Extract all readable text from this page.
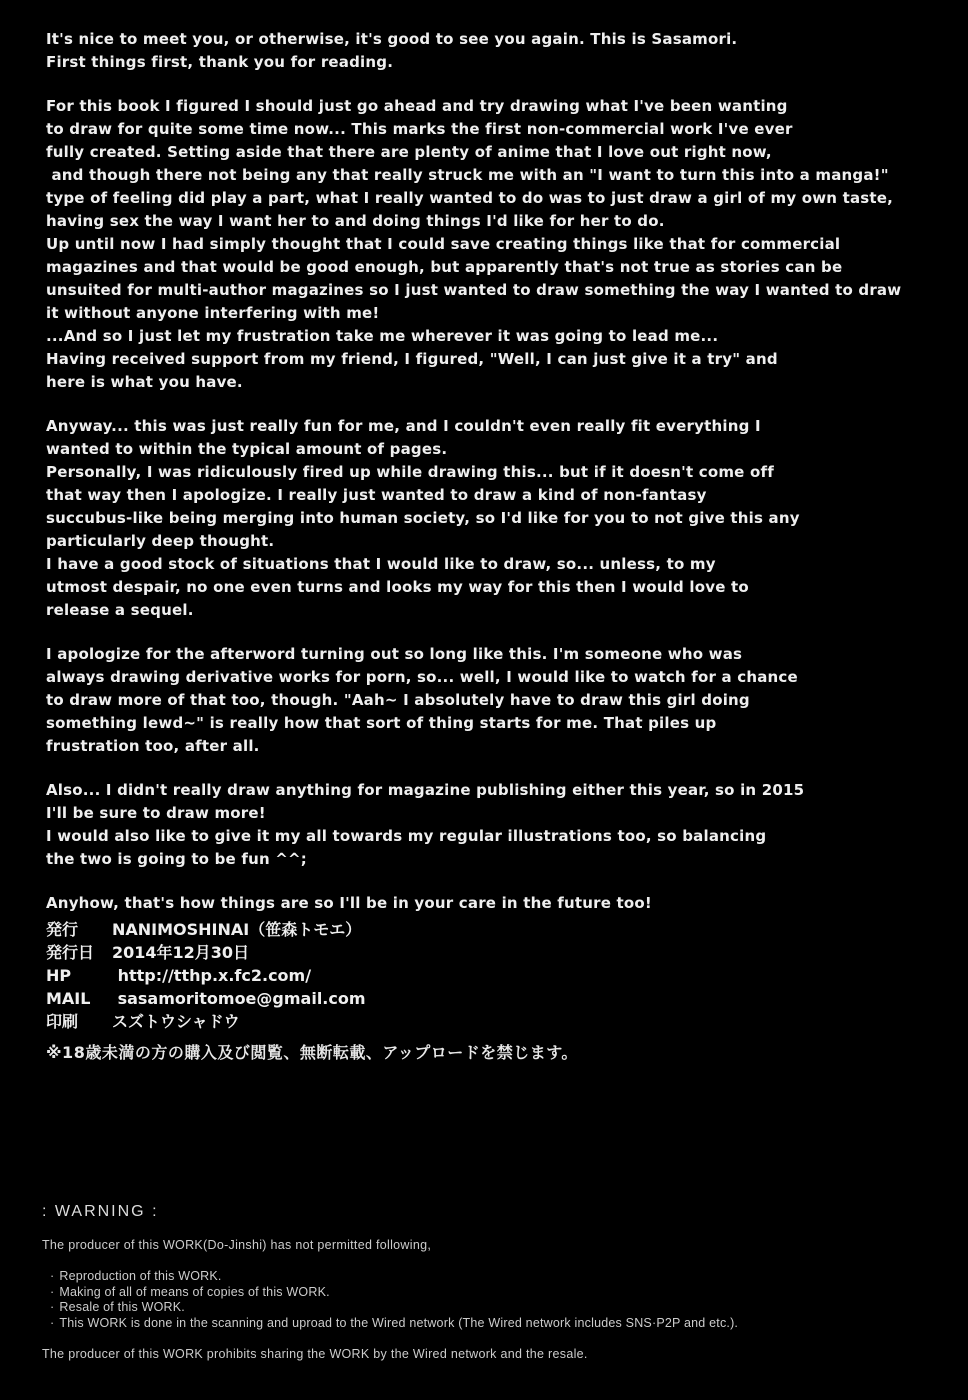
It's nice to meet you, or otherwise, it's good to see you again. This is Sasamori.
First things first, thank you for reading.

For this book I figured I should just go ahead and try drawing what I've been wanting
to draw for quite some time now... This marks the first non-commercial work I've ever
fully created. Setting aside that there are plenty of anime that I love out right now,
and though there not being any that really struck me with an "I want to turn this into a manga!"
type of feeling did play a part, what I really wanted to do was to just draw a girl of my own taste,
having sex the way I want her to and doing things I'd like for her to do.
Up until now I had simply thought that I could save creating things like that for commercial
magazines and that would be good enough, but apparently that's not true as stories can be
unsuited for multi-author magazines so I just wanted to draw something the way I wanted to draw
it without anyone interfering with me!
...And so I just let my frustration take me wherever it was going to lead me...
Having received support from my friend, I figured, "Well, I can just give it a try" and
here is what you have.

Anyway... this was just really fun for me, and I couldn't even really fit everything I
wanted to within the typical amount of pages.
Personally, I was ridiculously fired up while drawing this... but if it doesn't come off
that way then I apologize. I really just wanted to draw a kind of non-fantasy
succubus-like being merging into human society, so I'd like for you to not give this any
particularly deep thought.
I have a good stock of situations that I would like to draw, so... unless, to my
utmost despair, no one even turns and looks my way for this then I would love to
release a sequel.

I apologize for the afterword turning out so long like this. I'm someone who was
always drawing derivative works for porn, so... well, I would like to watch for a chance
to draw more of that too, though. "Aah~ I absolutely have to draw this girl doing
something lewd~" is really how that sort of thing starts for me. That piles up
frustration too, after all.

Also... I didn't really draw anything for magazine publishing either this year, so in 2015
I'll be sure to draw more!
I would also like to give it my all towards my regular illustrations too, so balancing
the two is going to be fun ^^;

Anyhow, that's how things are so I'll be in your care in the future too!

発行	NANIMOSHINAI（笹森トモエ）
発行日	2014年12月30日
HP	http://tthp.x.fc2.com/
MAIL	sasamoritomoe@gmail.com
印刷	スズトウシャドウ
※18歳未満の方の購入及び閲覧、無断転載、アップロードを禁じます。
: WARNING :
The producer of this WORK(Do-Jinshi) has not permitted following,
· Reproduction of this WORK.
· Making of all of means of copies of this WORK.
· Resale of this WORK.
· This WORK is done in the scanning and uproad to the Wired network (The Wired network includes SNS·P2P and etc.).
The producer of this WORK prohibits sharing the WORK by the Wired network and the resale.
